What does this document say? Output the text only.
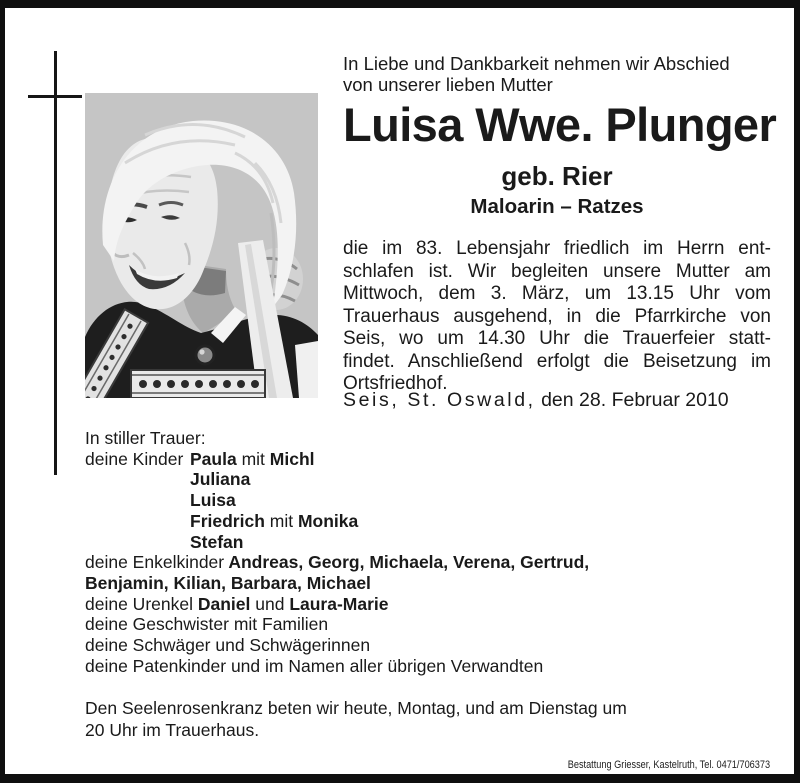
In Liebe und Dankbarkeit nehmen wir Abschied
von unserer lieben Mutter
Luisa Wwe. Plunger
geb. Rier
Maloarin – Ratzes
die im 83. Lebensjahr friedlich im Herrn ent-
schlafen ist. Wir begleiten unsere Mutter am
Mittwoch, dem 3. März, um 13.15 Uhr vom
Trauerhaus ausgehend, in die Pfarrkirche von
Seis, wo um 14.30 Uhr die Trauerfeier statt-
findet. Anschließend erfolgt die Beisetzung im
Ortsfriedhof.
Seis, St. Oswald, den 28. Februar 2010
In stiller Trauer:
deine Kinder Paula mit Michl
Juliana
Luisa
Friedrich mit Monika
Stefan
deine Enkelkinder Andreas, Georg, Michaela, Verena, Gertrud,
Benjamin, Kilian, Barbara, Michael
deine Urenkel Daniel und Laura-Marie
deine Geschwister mit Familien
deine Schwäger und Schwägerinnen
deine Patenkinder und im Namen aller übrigen Verwandten
Den Seelenrosenkranz beten wir heute, Montag, und am Dienstag um
20 Uhr im Trauerhaus.
Bestattung Griesser, Kastelruth, Tel. 0471/706373
